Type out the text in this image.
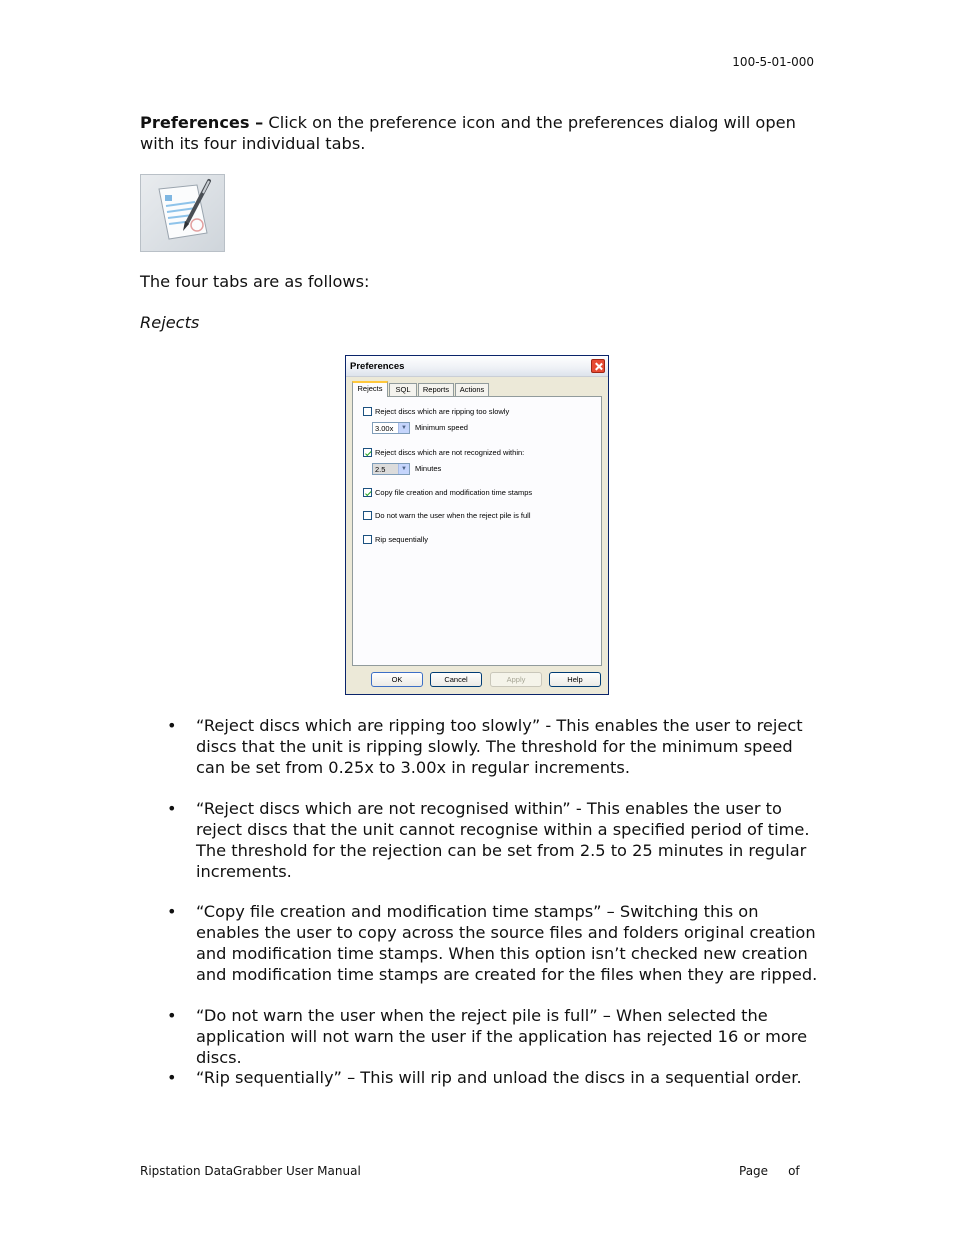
100-5-01-000

Preferences – Click on the preference icon and the preferences dialog will open with its four individual tabs.

The four tabs are as follows:

Rejects

Preferences
Rejects	SQL	Reports	Actions
Reject discs which are ripping too slowly
3.00x	▼ Minimum speed
Reject discs which are not recognized within:
2.5	▼ Minutes
Copy file creation and modification time stamps
Do not warn the user when the reject pile is full
Rip sequentially
OK	Cancel	Apply	Help
• “Reject discs which are ripping too slowly” - This enables the user to reject discs that the unit is ripping slowly. The threshold for the minimum speed can be set from 0.25x to 3.00x in regular increments.
• “Reject discs which are not recognised within” - This enables the user to reject discs that the unit cannot recognise within a specified period of time. The threshold for the rejection can be set from 2.5 to 25 minutes in regular increments.
• “Copy file creation and modification time stamps” – Switching this on enables the user to copy across the source files and folders original creation and modification time stamps. When this option isn’t checked new creation and modification time stamps are created for the files when they are ripped.
• “Do not warn the user when the reject pile is full” – When selected the application will not warn the user if the application has rejected 16 or more discs.
• “Rip sequentially” – This will rip and unload the discs in a sequential order.
Ripstation DataGrabber User Manual	Page of
